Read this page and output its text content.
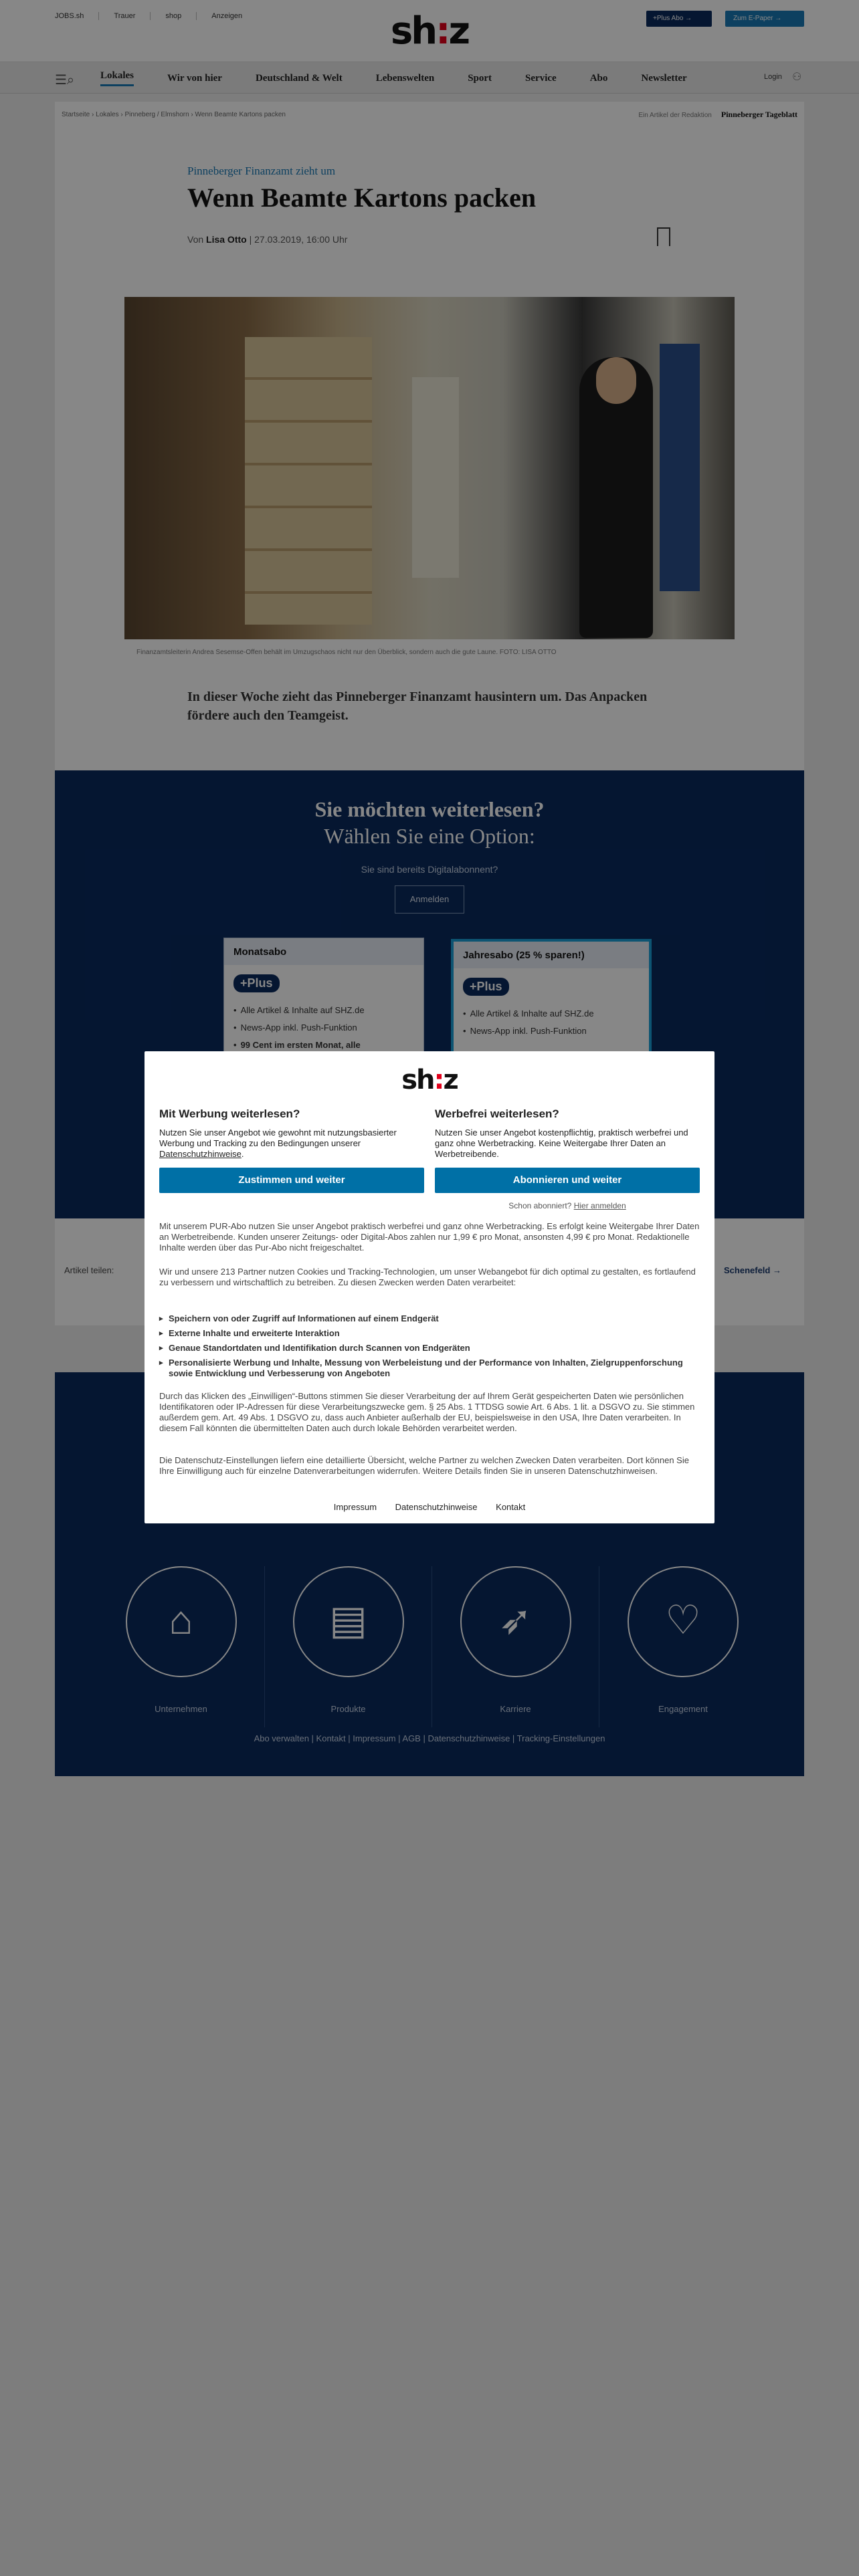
JOBS.sh	Trauer	shop	Anzeigen	sh:z	+Plus Abo →	Zum E-Paper →
☰⌕	Lokales	Wir von hier	Deutschland & Welt	Lebenswelten	Sport	Service	Abo	Newsletter	Login ⚇
Startseite › Lokales › Pinneberg / Elmshorn › Wenn Beamte Kartons packen	Ein Artikel der Redaktion Pinneberger Tageblatt
Pinneberger Finanzamt zieht um
Wenn Beamte Kartons packen
Von Lisa Otto | 27.03.2019, 16:00 Uhr
Finanzamtsleiterin Andrea Sesemse-Offen behält im Umzugschaos nicht nur den Überblick, sondern auch die gute Laune. FOTO: LISA OTTO
In dieser Woche zieht das Pinneberger Finanzamt hausintern um. Das Anpacken fördere auch den Teamgeist.
Sie möchten weiterlesen?
Wählen Sie eine Option:
Sie sind bereits Digitalabonnent?
Anmelden
Monatsabo
+Plus
• Alle Artikel & Inhalte auf SHZ.de
• News-App inkl. Push-Funktion
• 99 Cent im ersten Monat, alle
Jahresabo (25 % sparen!)
+Plus
• Alle Artikel & Inhalte auf SHZ.de
• News-App inkl. Push-Funktion
Artikel teilen:	Schenefeld →
⌂
Unternehmen
▤
Produkte
➶
Karriere
♡
Engagement
Abo verwalten | Kontakt | Impressum | AGB | Datenschutzhinweise | Tracking-Einstellungen
sh:z
Mit Werbung weiterlesen?

Nutzen Sie unser Angebot wie gewohnt mit nutzungsbasierter Werbung und Tracking zu den Bedingungen unserer Datenschutzhinweise.

Zustimmen und weiter
Werbefrei weiterlesen?

Nutzen Sie unser Angebot kostenpflichtig, praktisch werbefrei und ganz ohne Werbetracking. Keine Weitergabe Ihrer Daten an Werbetreibende.

Abonnieren und weiter
Schon abonniert? Hier anmelden
Mit unserem PUR-Abo nutzen Sie unser Angebot praktisch werbefrei und ganz ohne Werbetracking. Es erfolgt keine Weitergabe Ihrer Daten an Werbetreibende. Kunden unserer Zeitungs- oder Digital-Abos zahlen nur 1,99 € pro Monat, ansonsten 4,99 € pro Monat. Redaktionelle Inhalte werden über das Pur-Abo nicht freigeschaltet.
Wir und unsere 213 Partner nutzen Cookies und Tracking-Technologien, um unser Webangebot für dich optimal zu gestalten, es fortlaufend zu verbessern und wirtschaftlich zu betreiben. Zu diesen Zwecken werden Daten verarbeitet:
▸ Speichern von oder Zugriff auf Informationen auf einem Endgerät
▸ Externe Inhalte und erweiterte Interaktion
▸ Genaue Standortdaten und Identifikation durch Scannen von Endgeräten
▸ Personalisierte Werbung und Inhalte, Messung von Werbeleistung und der Performance von Inhalten, Zielgruppenforschung sowie Entwicklung und Verbesserung von Angeboten
Durch das Klicken des „Einwilligen“-Buttons stimmen Sie dieser Verarbeitung der auf Ihrem Gerät gespeicherten Daten wie persönlichen Identifikatoren oder IP-Adressen für diese Verarbeitungszwecke gem. § 25 Abs. 1 TTDSG sowie Art. 6 Abs. 1 lit. a DSGVO zu. Sie stimmen außerdem gem. Art. 49 Abs. 1 DSGVO zu, dass auch Anbieter außerhalb der EU, beispielsweise in den USA, Ihre Daten verarbeiten. In diesem Fall könnten die übermittelten Daten auch durch lokale Behörden verarbeitet werden.
Die Datenschutz-Einstellungen liefern eine detaillierte Übersicht, welche Partner zu welchen Zwecken Daten verarbeiten. Dort können Sie Ihre Einwilligung auch für einzelne Datenverarbeitungen widerrufen. Weitere Details finden Sie in unseren Datenschutzhinweisen.
Impressum Datenschutzhinweise Kontakt
